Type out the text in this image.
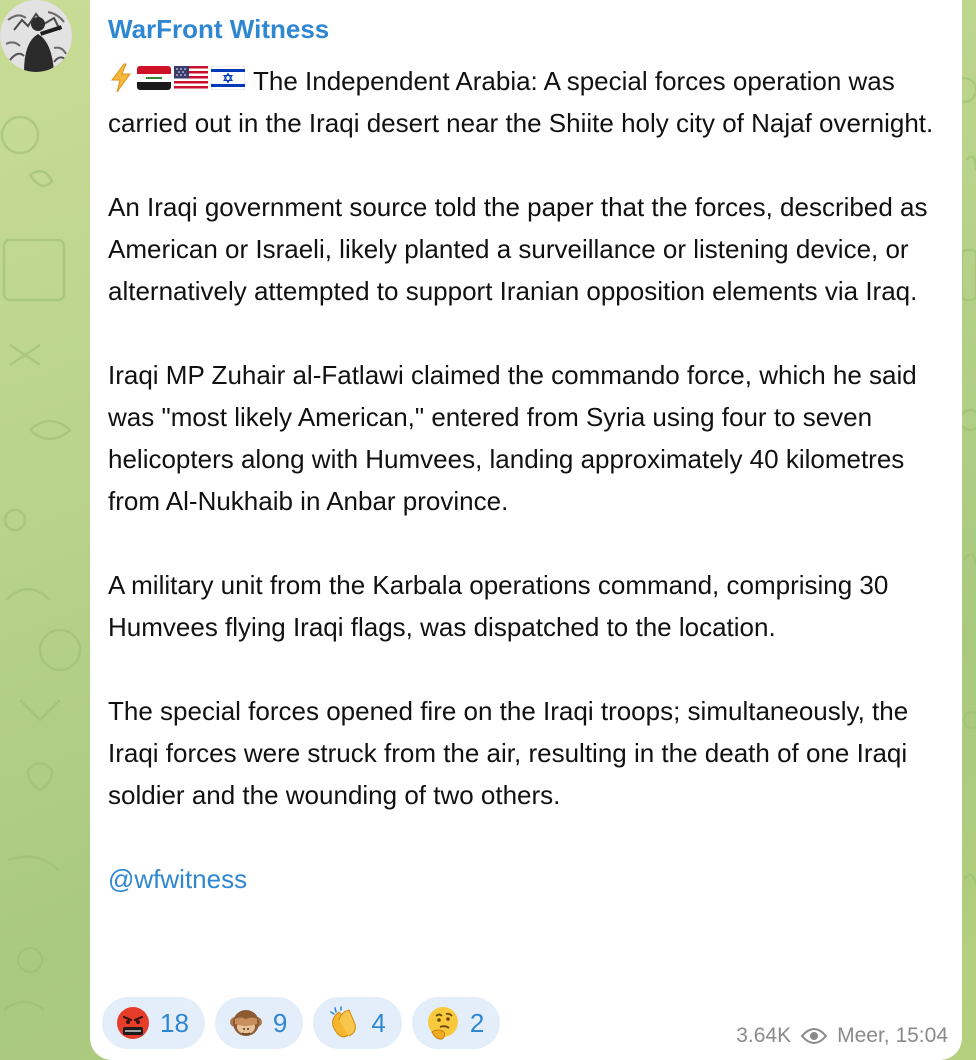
WarFront Witness

The Independent Arabia: A special forces operation was carried out in the Iraqi desert near the Shiite holy city of Najaf overnight.

An Iraqi government source told the paper that the forces, described as American or Israeli, likely planted a surveillance or listening device, or alternatively attempted to support Iranian opposition elements via Iraq.

Iraqi MP Zuhair al-Fatlawi claimed the commando force, which he said was "most likely American," entered from Syria using four to seven helicopters along with Humvees, landing approximately 40 kilometres from Al-Nukhaib in Anbar province.

A military unit from the Karbala operations command, comprising 30 Humvees flying Iraqi flags, was dispatched to the location.

The special forces opened fire on the Iraqi troops; simultaneously, the Iraqi forces were struck from the air, resulting in the death of one Iraqi soldier and the wounding of two others.

@wfwitness

18	9	4	2	3.64K Meer, 15:04
